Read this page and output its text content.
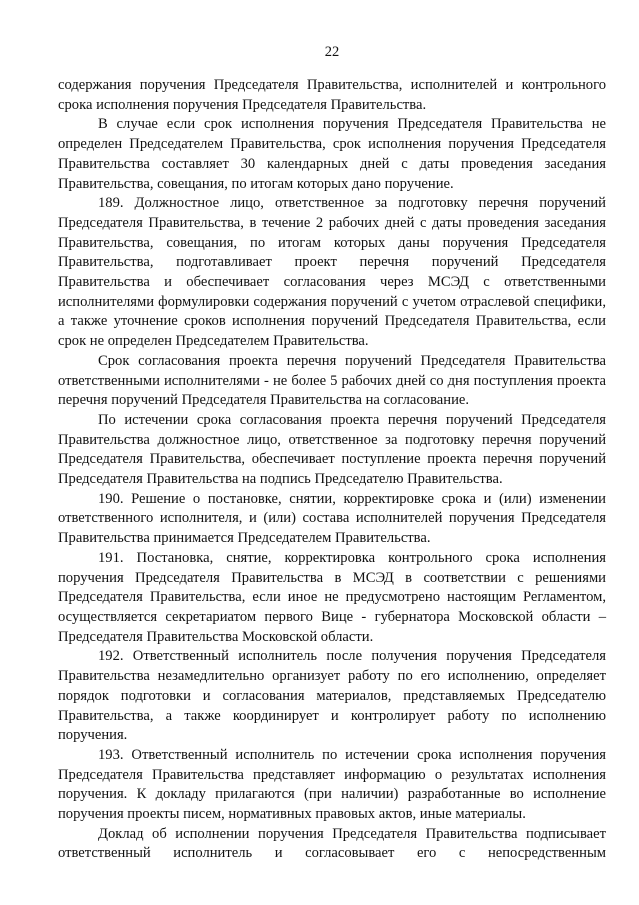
22

содержания поручения Председателя Правительства, исполнителей и контрольного срока исполнения поручения Председателя Правительства.

В случае если срок исполнения поручения Председателя Правительства не определен Председателем Правительства, срок исполнения поручения Председателя Правительства составляет 30 календарных дней с даты проведения заседания Правительства, совещания, по итогам которых дано поручение.

189. Должностное лицо, ответственное за подготовку перечня поручений Председателя Правительства, в течение 2 рабочих дней с даты проведения заседания Правительства, совещания, по итогам которых даны поручения Председателя Правительства, подготавливает проект перечня поручений Председателя Правительства и обеспечивает согласования через МСЭД с ответственными исполнителями формулировки содержания поручений с учетом отраслевой специфики, а также уточнение сроков исполнения поручений Председателя Правительства, если срок не определен Председателем Правительства.

Срок согласования проекта перечня поручений Председателя Правительства ответственными исполнителями - не более 5 рабочих дней со дня поступления проекта перечня поручений Председателя Правительства на согласование.

По истечении срока согласования проекта перечня поручений Председателя Правительства должностное лицо, ответственное за подготовку перечня поручений Председателя Правительства, обеспечивает поступление проекта перечня поручений Председателя Правительства на подпись Председателю Правительства.

190. Решение о постановке, снятии, корректировке срока и (или) изменении ответственного исполнителя, и (или) состава исполнителей поручения Председателя Правительства принимается Председателем Правительства.

191. Постановка, снятие, корректировка контрольного срока исполнения поручения Председателя Правительства в МСЭД в соответствии с решениями Председателя Правительства, если иное не предусмотрено настоящим Регламентом, осуществляется секретариатом первого Вице - губернатора Московской области – Председателя Правительства Московской области.

192. Ответственный исполнитель после получения поручения Председателя Правительства незамедлительно организует работу по его исполнению, определяет порядок подготовки и согласования материалов, представляемых Председателю Правительства, а также координирует и контролирует работу по исполнению поручения.

193. Ответственный исполнитель по истечении срока исполнения поручения Председателя Правительства представляет информацию о результатах исполнения поручения. К докладу прилагаются (при наличии) разработанные во исполнение поручения проекты писем, нормативных правовых актов, иные материалы.

Доклад об исполнении поручения Председателя Правительства подписывает ответственный исполнитель и согласовывает его с непосредственным
